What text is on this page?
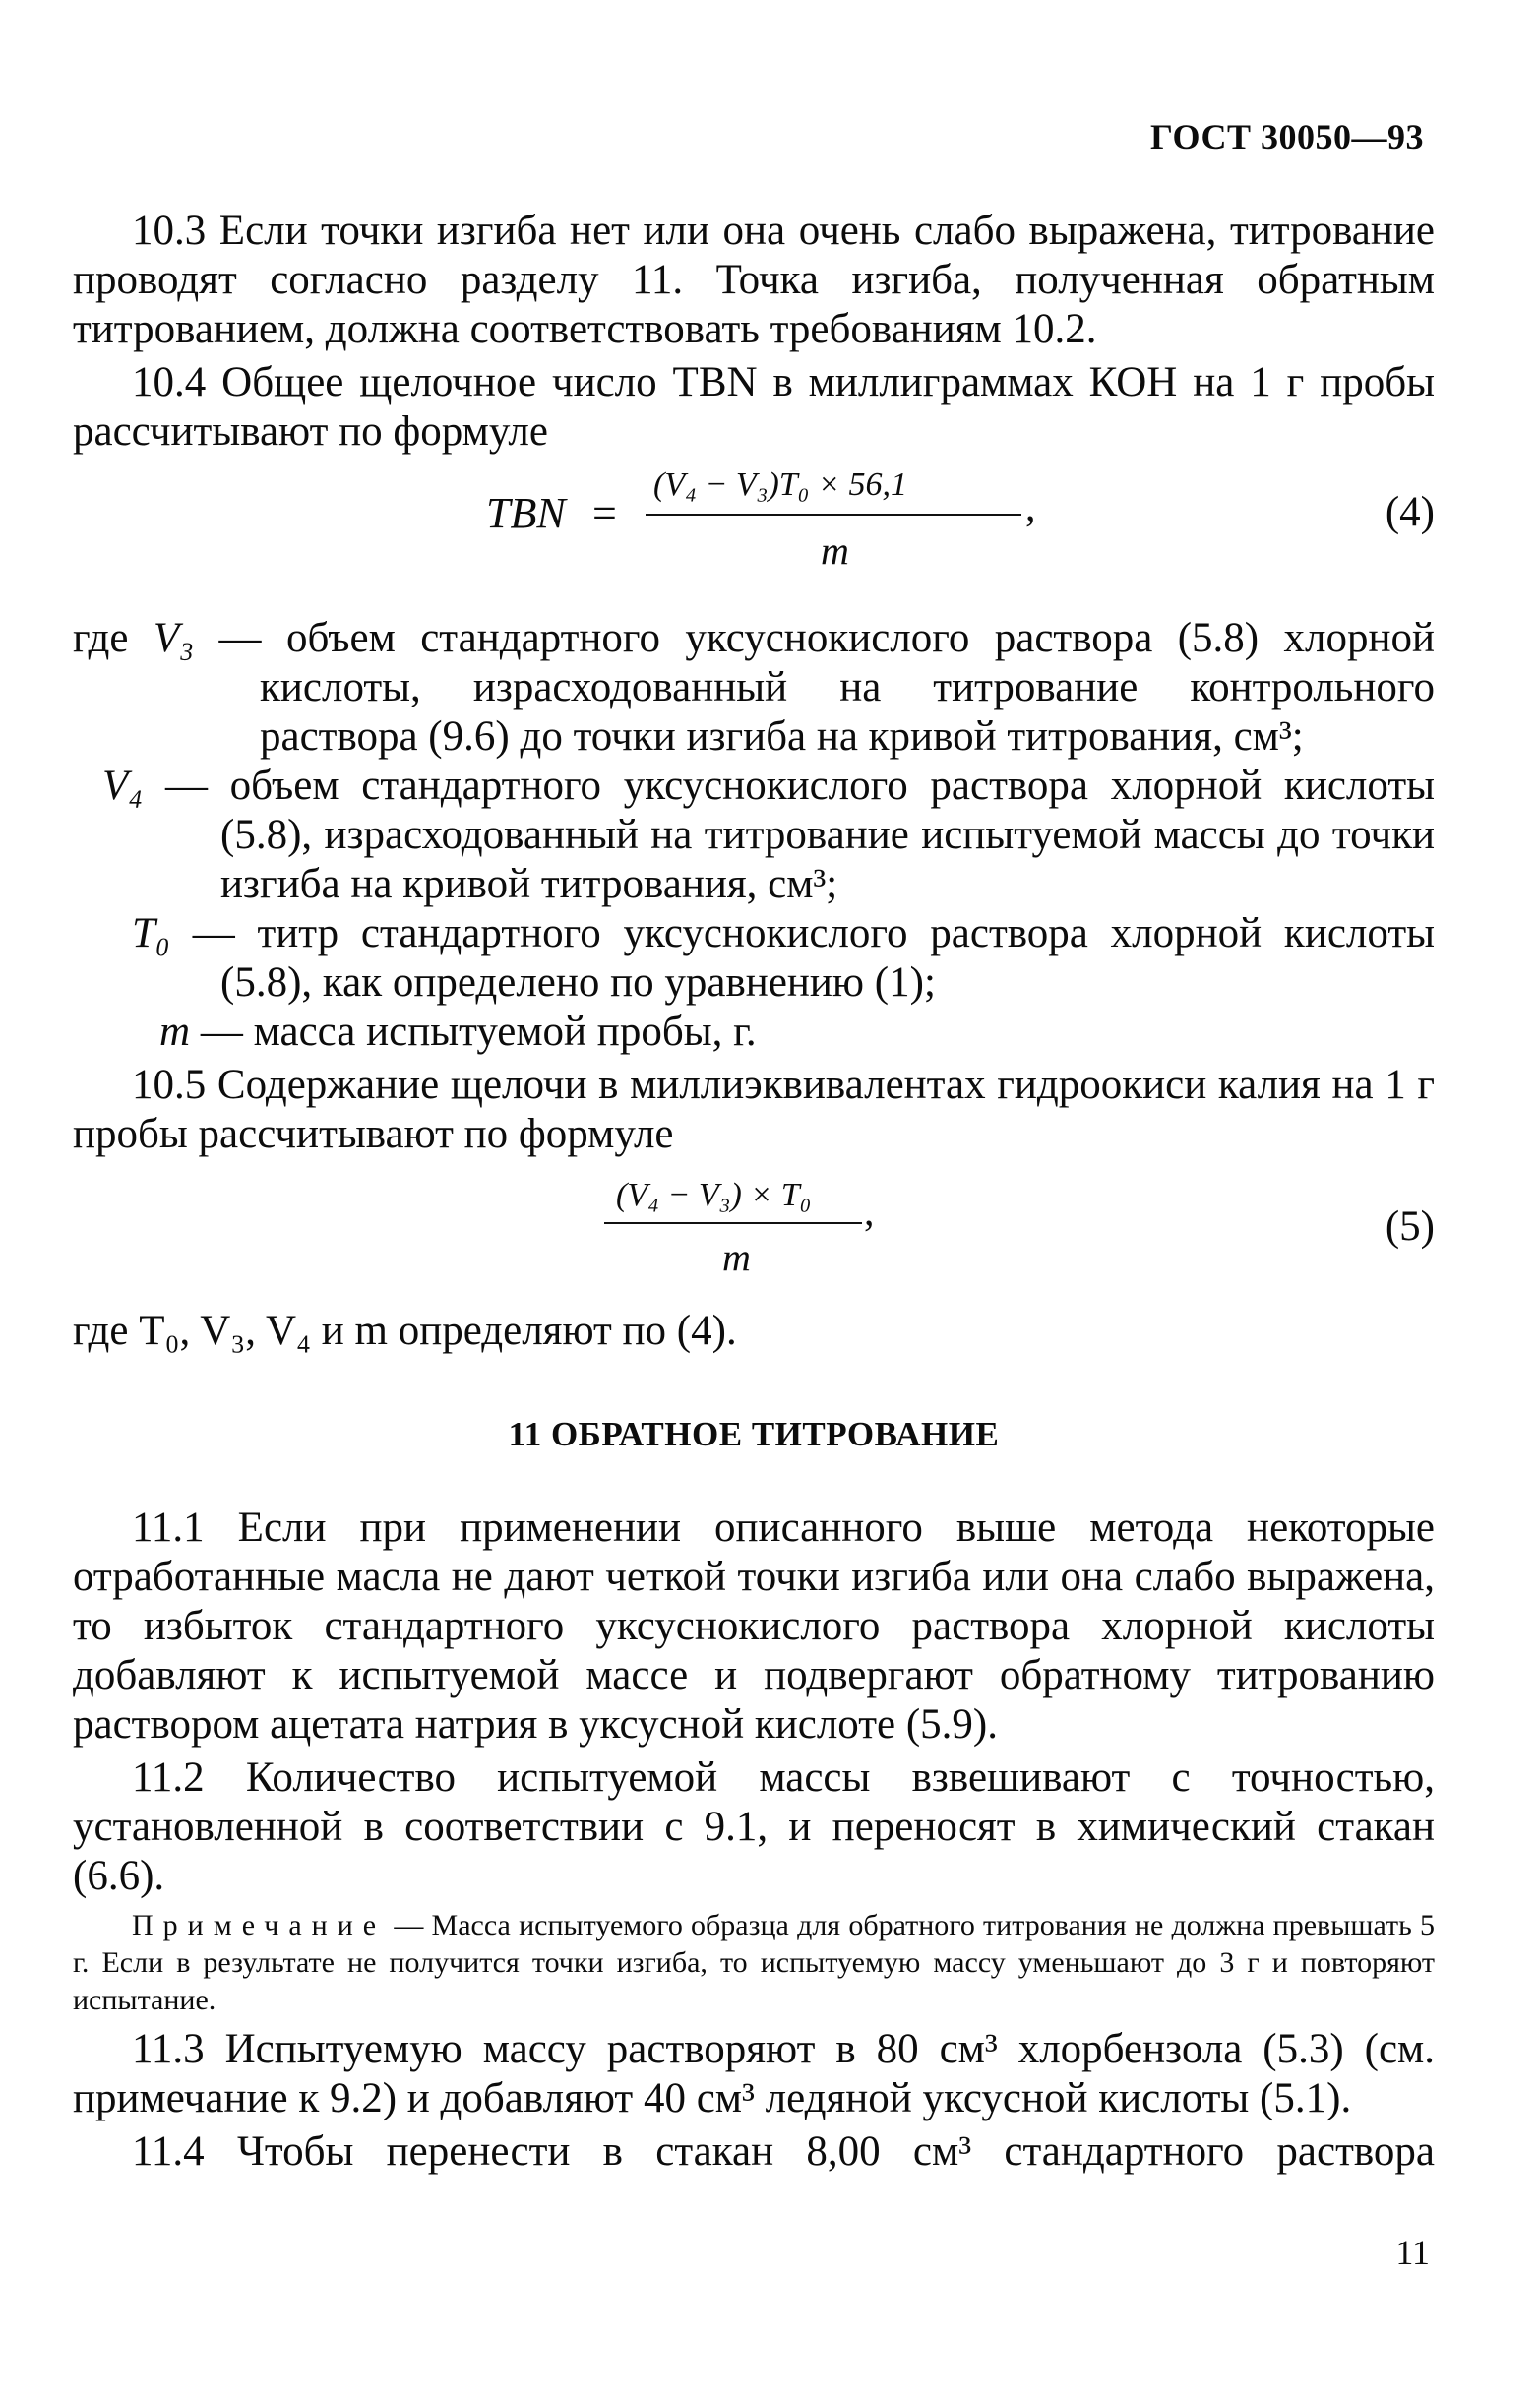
ГОСТ 30050—93

10.3 Если точки изгиба нет или она очень слабо выражена, титрование проводят согласно разделу 11. Точка изгиба, полученная обратным титрованием, должна соответствовать требованиям 10.2.

10.4 Общее щелочное число TBN в миллиграммах КОН на 1 г пробы рассчитывают по формуле

TBN =
(V₄ − V₃)T₀ × 56,1
m
,	(4)
где V₃ — объем стандартного уксуснокислого раствора (5.8) хлорной кислоты, израсходованный на титрование контрольного раствора (9.6) до точки изгиба на кривой титрования, см³;
V₄ — объем стандартного уксуснокислого раствора хлорной кислоты (5.8), израсходованный на титрование испытуемой массы до точки изгиба на кривой титрования, см³;
T₀ — титр стандартного уксуснокислого раствора хлорной кислоты (5.8), как определено по уравнению (1);
m — масса испытуемой пробы, г.

10.5 Содержание щелочи в миллиэквивалентах гидроокиси калия на 1 г пробы рассчитывают по формуле

(V₄ − V₃) × T₀
m
,	(5)

где T₀, V₃, V₄ и m определяют по (4).

11 ОБРАТНОЕ ТИТРОВАНИЕ

11.1 Если при применении описанного выше метода некоторые отработанные масла не дают четкой точки изгиба или она слабо выражена, то избыток стандартного уксуснокислого раствора хлорной кислоты добавляют к испытуемой массе и подвергают обратному титрованию раствором ацетата натрия в уксусной кислоте (5.9).

11.2 Количество испытуемой массы взвешивают с точностью, установленной в соответствии с 9.1, и переносят в химический стакан (6.6).

Примечание — Масса испытуемого образца для обратного титрования не должна превышать 5 г. Если в результате не получится точки изгиба, то испытуемую массу уменьшают до 3 г и повторяют испытание.

11.3 Испытуемую массу растворяют в 80 см³ хлорбензола (5.3) (см. примечание к 9.2) и добавляют 40 см³ ледяной уксусной кислоты (5.1).

11.4 Чтобы перенести в стакан 8,00 см³ стандартного раствора

11
